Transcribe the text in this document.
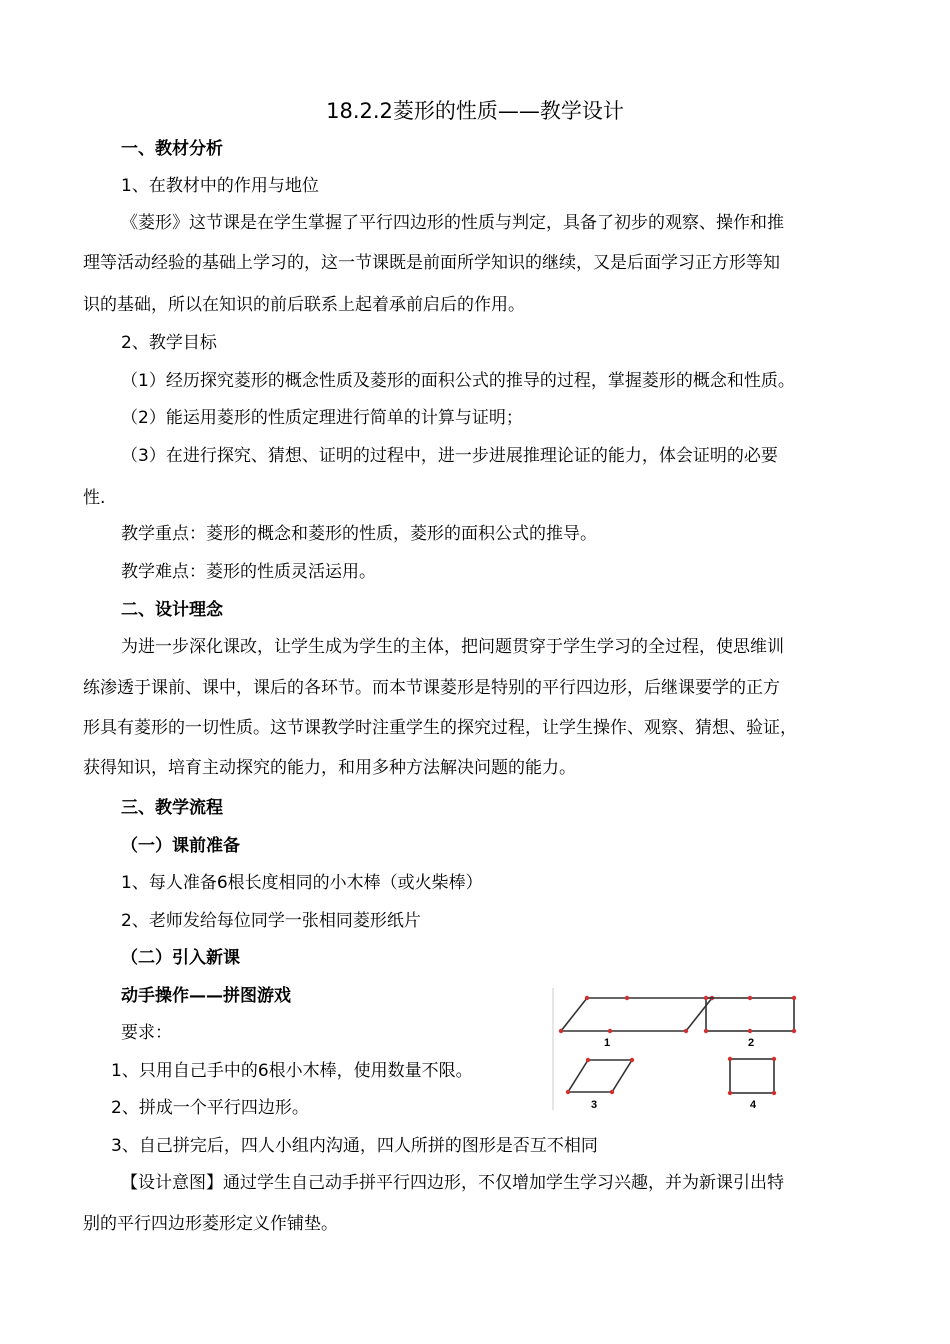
18.2.2菱形的性质——教学设计
一、教材分析
1、在教材中的作用与地位
《菱形》这节课是在学生掌握了平行四边形的性质与判定，具备了初步的观察、操作和推
理等活动经验的基础上学习的，这一节课既是前面所学知识的继续，又是后面学习正方形等知
识的基础，所以在知识的前后联系上起着承前启后的作用。
2、教学目标
（1）经历探究菱形的概念性质及菱形的面积公式的推导的过程，掌握菱形的概念和性质。
（2）能运用菱形的性质定理进行简单的计算与证明；
（3）在进行探究、猜想、证明的过程中，进一步进展推理论证的能力，体会证明的必要
性.
教学重点：菱形的概念和菱形的性质，菱形的面积公式的推导。
教学难点：菱形的性质灵活运用。
二、设计理念
为进一步深化课改，让学生成为学生的主体，把问题贯穿于学生学习的全过程，使思维训
练渗透于课前、课中，课后的各环节。而本节课菱形是特别的平行四边形，后继课要学的正方
形具有菱形的一切性质。这节课教学时注重学生的探究过程，让学生操作、观察、猜想、验证，
获得知识，培育主动探究的能力，和用多种方法解决问题的能力。
三、教学流程
（一）课前准备
1、每人准备6根长度相同的小木棒（或火柴棒）
2、老师发给每位同学一张相同菱形纸片
（二）引入新课
动手操作——拼图游戏
要求：
1、只用自己手中的6根小木棒，使用数量不限。
2、拼成一个平行四边形。
3、自己拼完后，四人小组内沟通，四人所拼的图形是否互不相同
【设计意图】通过学生自己动手拼平行四边形，不仅增加学生学习兴趣，并为新课引出特
别的平行四边形菱形定义作铺垫。
1	2
3	4
